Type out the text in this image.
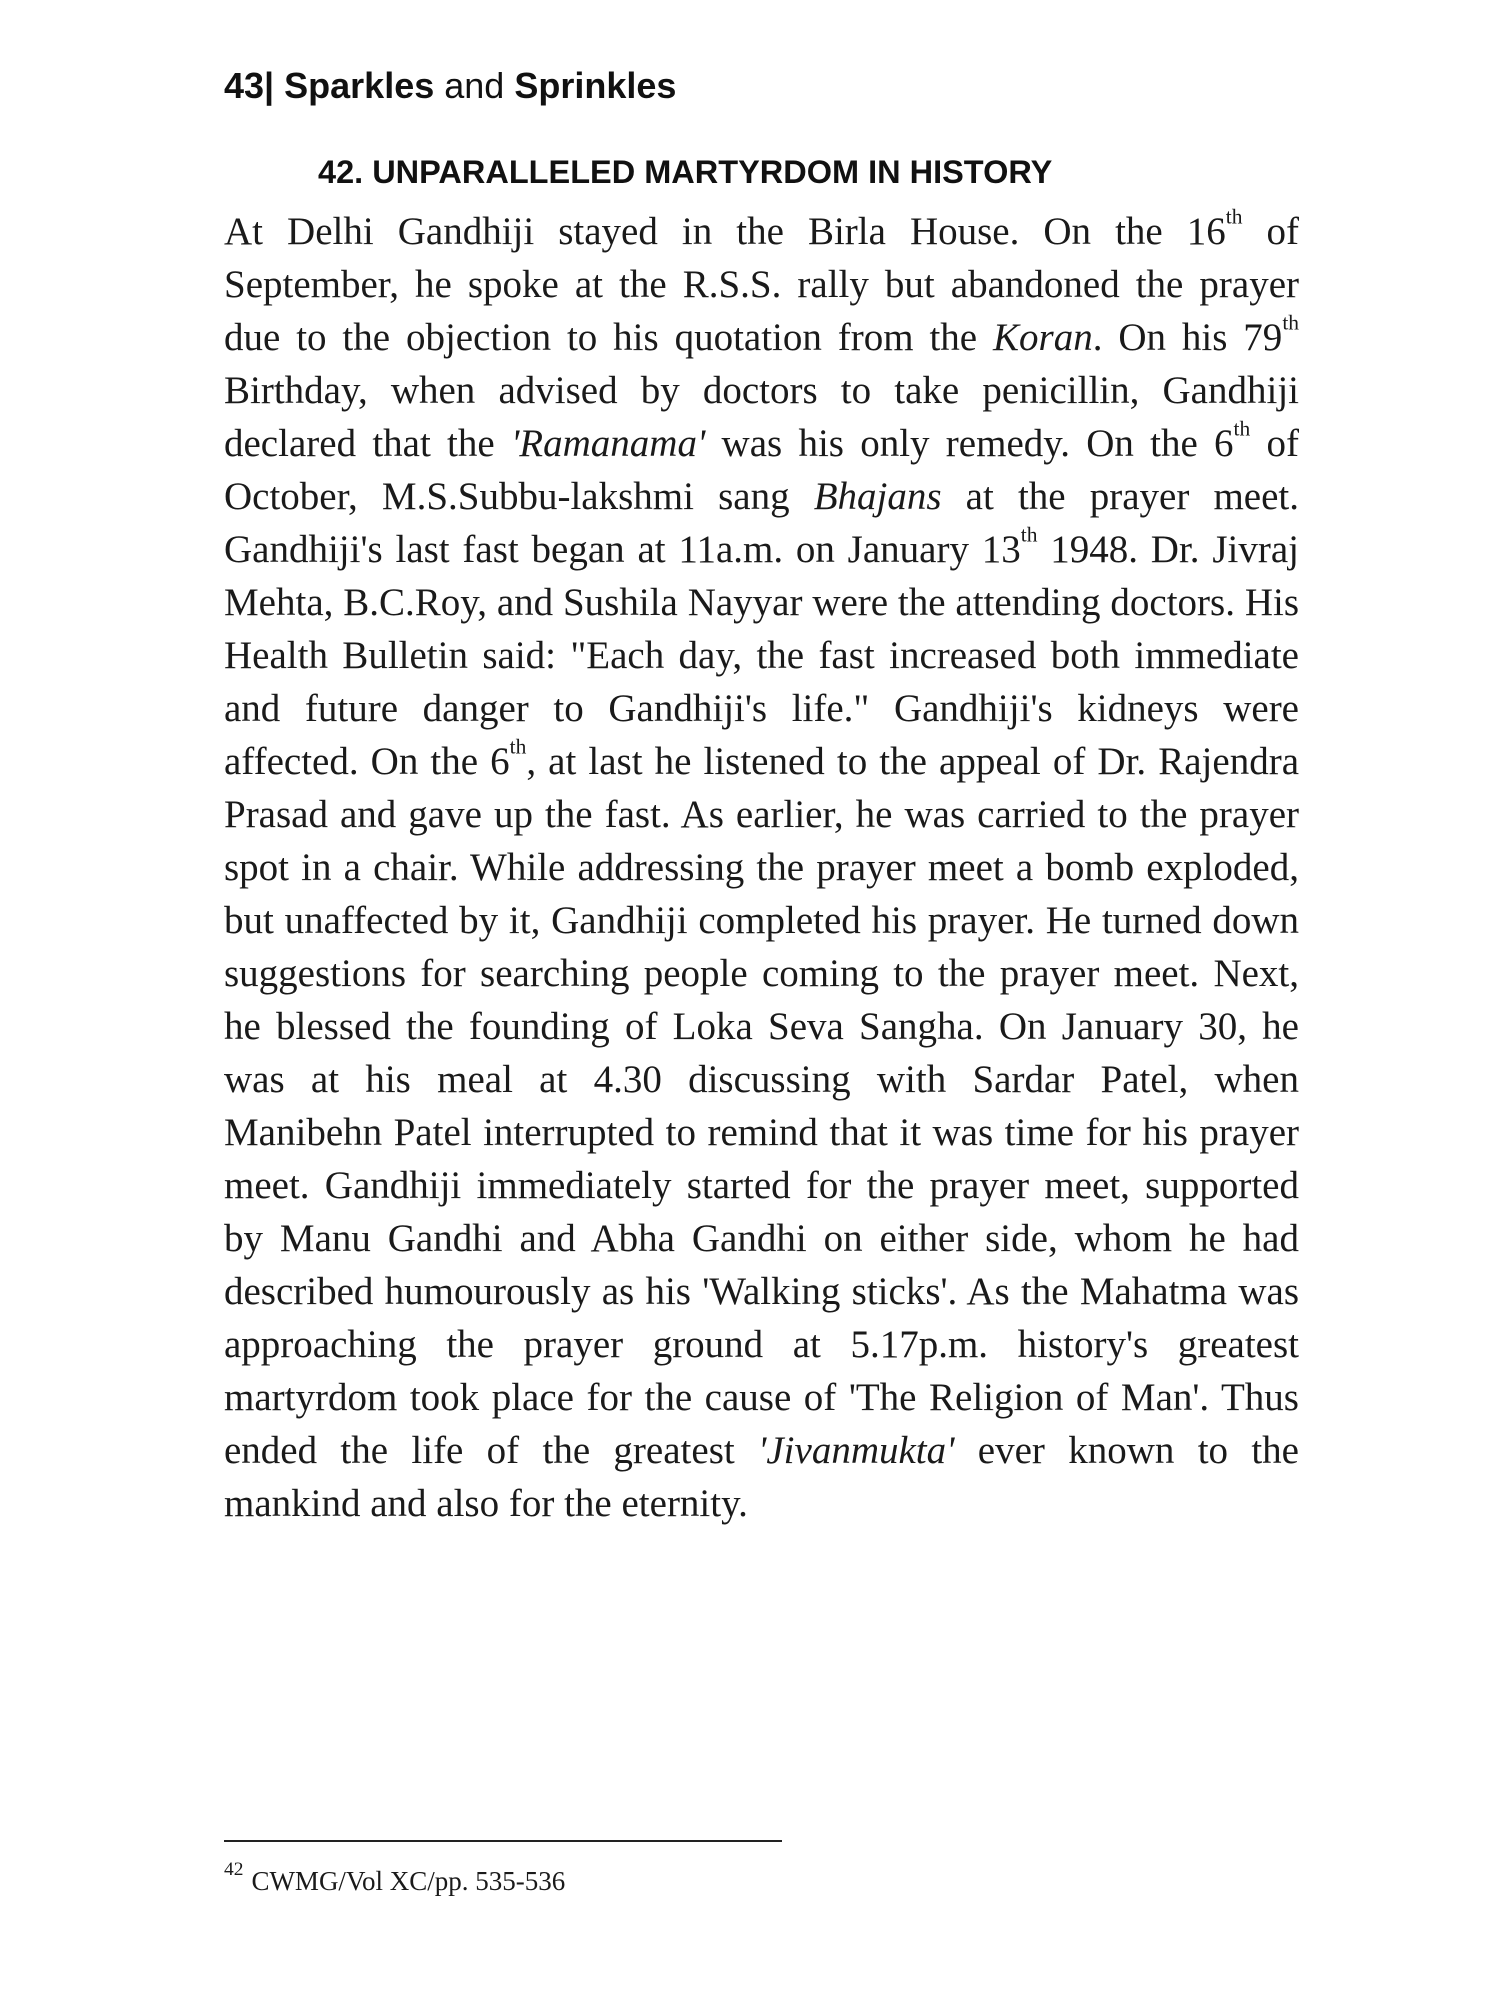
43| Sparkles and Sprinkles
42. UNPARALLELED MARTYRDOM IN HISTORY
At Delhi Gandhiji stayed in the Birla House. On the 16th of September, he spoke at the R.S.S. rally but abandoned the prayer due to the objection to his quotation from the Koran. On his 79th Birthday, when advised by doctors to take penicillin, Gandhiji declared that the 'Ramanama' was his only remedy. On the 6th of October, M.S.Subbu-lakshmi sang Bhajans at the prayer meet. Gandhiji's last fast began at 11a.m. on January 13th 1948. Dr. Jivraj Mehta, B.C.Roy, and Sushila Nayyar were the attending doctors. His Health Bulletin said: "Each day, the fast increased both immediate and future danger to Gandhiji's life." Gandhiji's kidneys were affected. On the 6th, at last he listened to the appeal of Dr. Rajendra Prasad and gave up the fast. As earlier, he was carried to the prayer spot in a chair. While addressing the prayer meet a bomb exploded, but unaffected by it, Gandhiji completed his prayer. He turned down suggestions for searching people coming to the prayer meet. Next, he blessed the founding of Loka Seva Sangha. On January 30, he was at his meal at 4.30 discussing with Sardar Patel, when Manibehn Patel interrupted to remind that it was time for his prayer meet. Gandhiji immediately started for the prayer meet, supported by Manu Gandhi and Abha Gandhi on either side, whom he had described humourously as his 'Walking sticks'. As the Mahatma was approaching the prayer ground at 5.17p.m. history's greatest martyrdom took place for the cause of 'The Religion of Man'. Thus ended the life of the greatest 'Jivanmukta' ever known to the mankind and also for the eternity.
$^{42}$ CWMG/Vol XC/pp. 535-536
